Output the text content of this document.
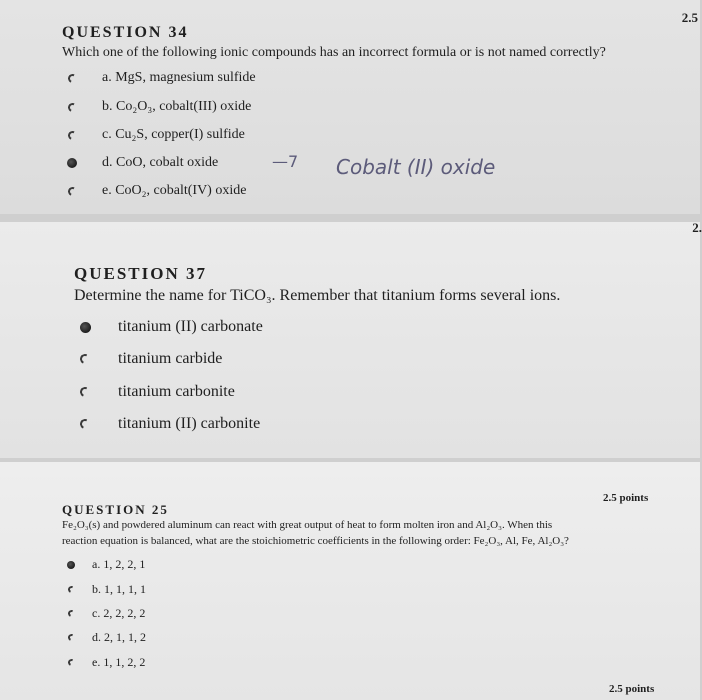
2.5
QUESTION 34
Which one of the following ionic compounds has an incorrect formula or is not named correctly?
a. MgS, magnesium sulfide
b. Co₂O₃, cobalt(III) oxide
c. Cu₂S, copper(I) sulfide
d. CoO, cobalt oxide
e. CoO₂, cobalt(IV) oxide
—7 Cobalt (II) oxide
2.
QUESTION 37
Determine the name for TiCO₃. Remember that titanium forms several ions.
titanium (II) carbonate
titanium carbide
titanium carbonite
titanium (II) carbonite
2.5 points
QUESTION 25
Fe₂O₃(s) and powdered aluminum can react with great output of heat to form molten iron and Al₂O₃. When this
reaction equation is balanced, what are the stoichiometric coefficients in the following order: Fe₂O₃, Al, Fe, Al₂O₃?
a. 1, 2, 2, 1
b. 1, 1, 1, 1
c. 2, 2, 2, 2
d. 2, 1, 1, 2
e. 1, 1, 2, 2
2.5 points
